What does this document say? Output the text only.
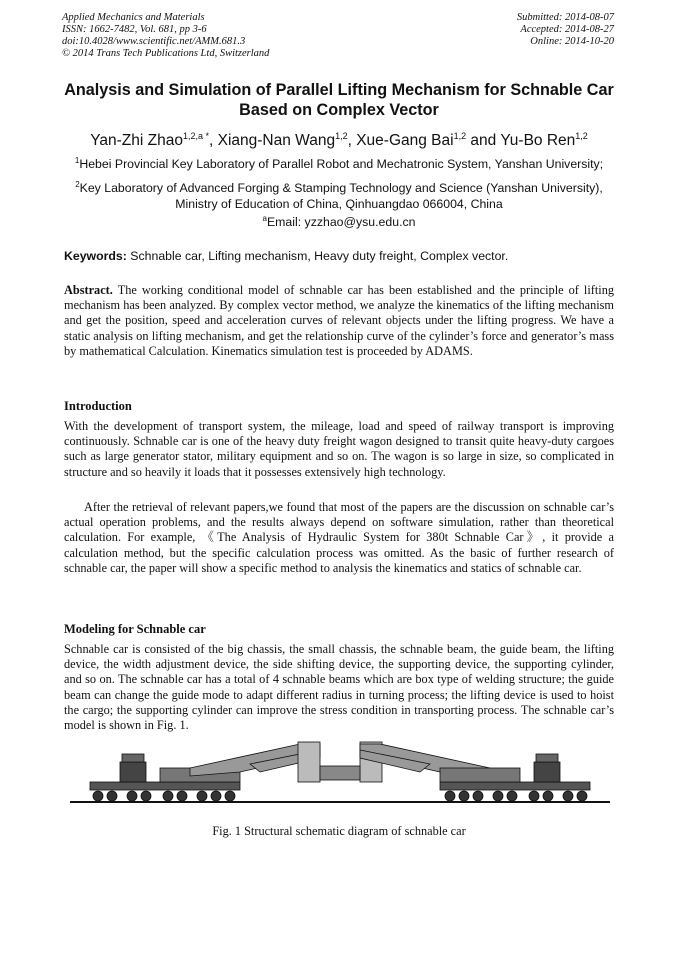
Applied Mechanics and Materials
ISSN: 1662-7482, Vol. 681, pp 3-6
doi:10.4028/www.scientific.net/AMM.681.3
© 2014 Trans Tech Publications Ltd, Switzerland
Submitted: 2014-08-07
Accepted: 2014-08-27
Online: 2014-10-20
Analysis and Simulation of Parallel Lifting Mechanism for Schnable Car
Based on Complex Vector
Yan-Zhi Zhao$^{1,2,a *}$, Xiang-Nan Wang$^{1,2}$, Xue-Gang Bai$^{1,2}$ and Yu-Bo Ren$^{1,2}$
$^1$Hebei Provincial Key Laboratory of Parallel Robot and Mechatronic System, Yanshan University;
$^2$Key Laboratory of Advanced Forging & Stamping Technology and Science (Yanshan University),
Ministry of Education of China, Qinhuangdao 066004, China
$^a$Email: yzzhao@ysu.edu.cn
Keywords: Schnable car, Lifting mechanism, Heavy duty freight, Complex vector.
Abstract. The working conditional model of schnable car has been established and the principle of lifting mechanism has been analyzed. By complex vector method, we analyze the kinematics of the lifting mechanism and get the position, speed and acceleration curves of relevant objects under the lifting progress. We have a static analysis on lifting mechanism, and get the relationship curve of the cylinder’s force and generator’s mass by mathematical Calculation. Kinematics simulation test is proceeded by ADAMS.
Introduction
With the development of transport system, the mileage, load and speed of railway transport is improving continuously. Schnable car is one of the heavy duty freight wagon designed to transit quite heavy-duty cargoes such as large generator stator, military equipment and so on. The wagon is so large in size, so complicated in structure and so heavily it loads that it possesses extensively high technology.
After the retrieval of relevant papers,we found that most of the papers are the discussion on schnable car’s actual operation problems, and the results always depend on software simulation, rather than theoretical calculation. For example, 《The Analysis of Hydraulic System for 380t Schnable Car》, it provide a calculation method, but the specific calculation process was omitted. As the basic of further research of schnable car, the paper will show a specific method to analysis the kinematics and statics of schnable car.
Modeling for Schnable car
Schnable car is consisted of the big chassis, the small chassis, the schnable beam, the guide beam, the lifting device, the width adjustment device, the side shifting device, the supporting device, the supporting cylinder, and so on. The schnable car has a total of 4 schnable beams which are box type of welding structure; the guide beam can change the guide mode to adapt different radius in turning process; the lifting device is used to hoist the cargo; the supporting cylinder can improve the stress condition in transporting process. The schnable car’s model is shown in Fig. 1.
Fig. 1 Structural schematic diagram of schnable car
